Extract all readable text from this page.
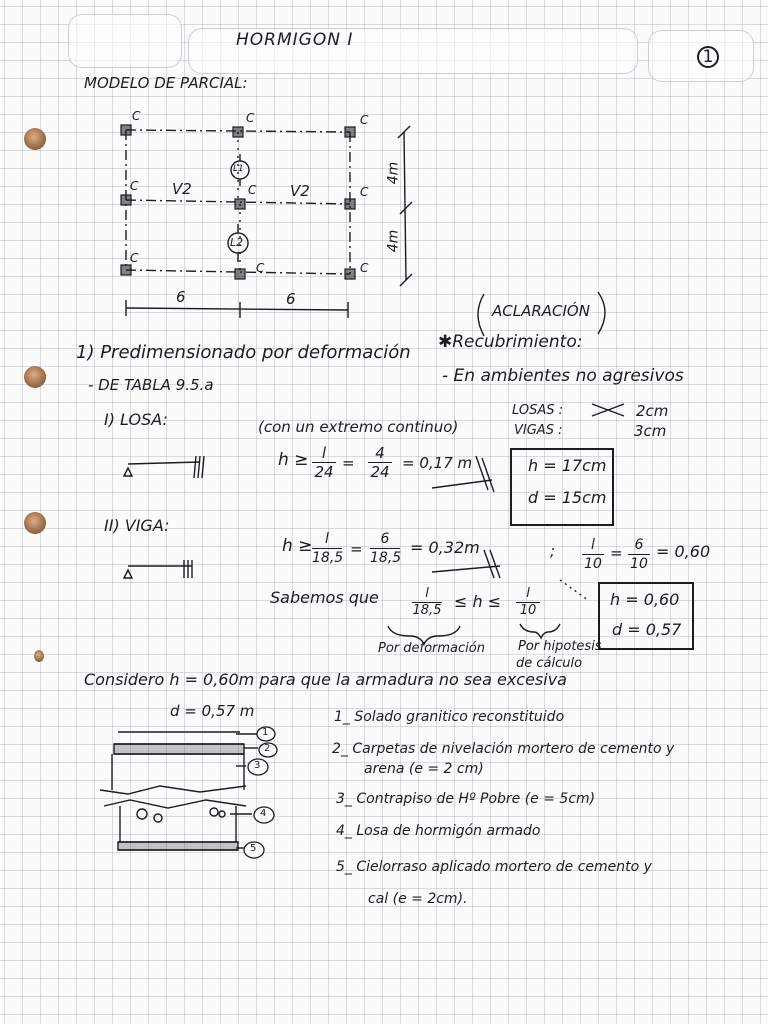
HORMIGON I
1
MODELO DE PARCIAL:
C	C	C
C	C	C
C
C	C
V2	V2
L1
L2
4m
4m
6	6
ACLARACIÓN
✱Recubrimiento:
- En ambientes no agresivos
LOSAS :	2cm
VIGAS :	3cm
1) Predimensionado por deformación
- DE TABLA 9.5.a
I) LOSA:	(con un extremo continuo)
$h \ge \frac{l}{24} = \frac{4}{24} = 0,17$ m	h = 17cm
d = 15cm
II) VIGA:
$h \ge \frac{l}{18,5} = \frac{6}{18,5} = 0,32m$	; $\frac{l}{10} = \frac{6}{10} = 0,60$
Sabemos que	$\frac{l}{18,5} \le h \le \frac{l}{10}$
Por deformación	Por hipotesis
de cálculo
h = 0,60
d = 0,57
Considero h = 0,60m para que la armadura no sea excesiva
d = 0,57 m
1
2
3
4
5
1_ Solado granitico reconstituido
2_ Carpetas de nivelación mortero de cemento y
arena (e = 2 cm)
3_ Contrapiso de Hº Pobre (e = 5cm)
4_ Losa de hormigón armado
5_ Cielorraso aplicado mortero de cemento y
cal (e = 2cm).
